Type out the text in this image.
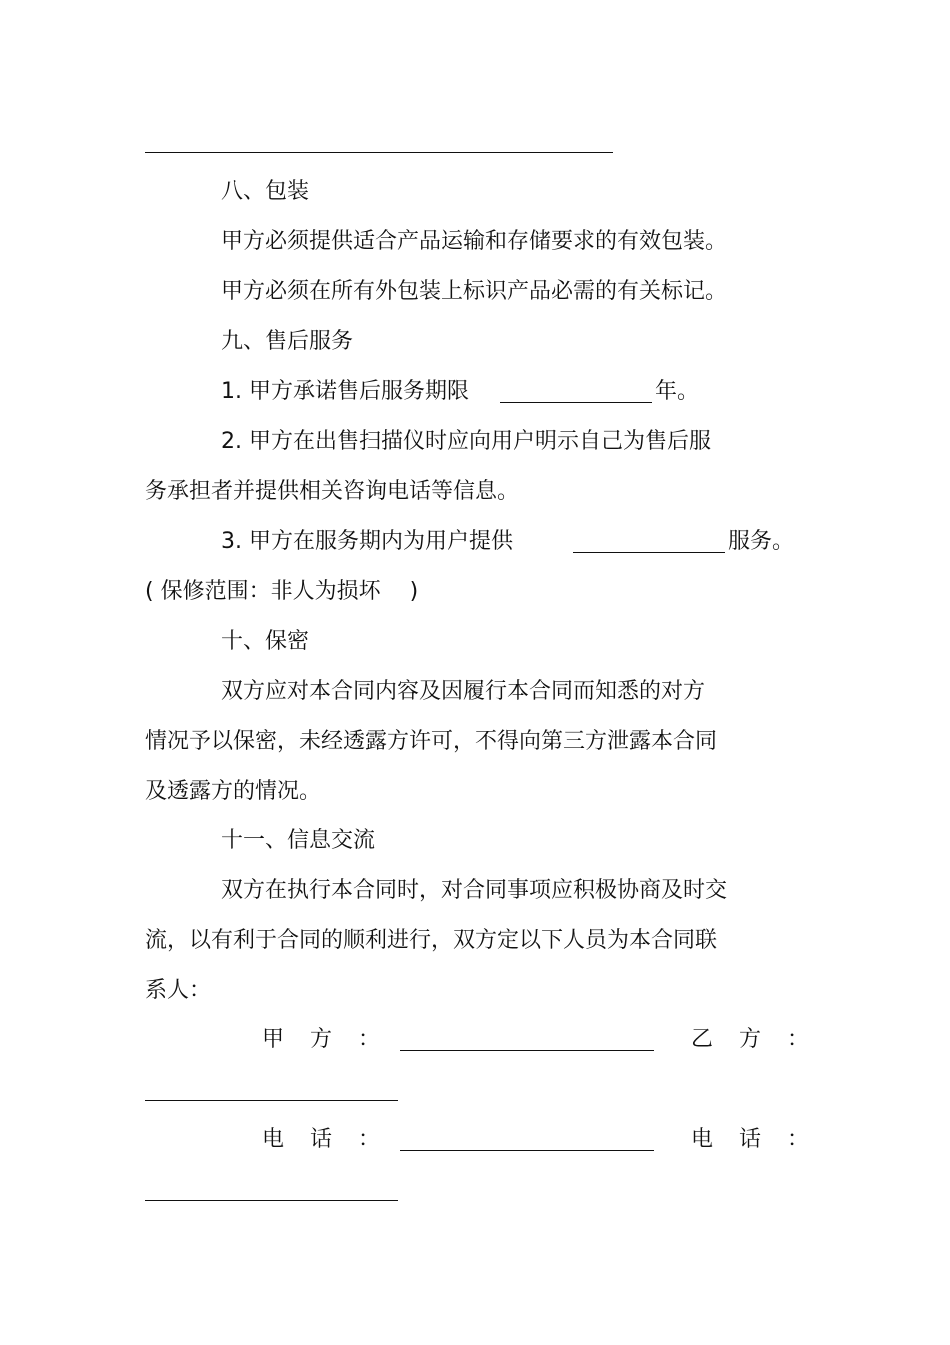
八、包装
甲方必须提供适合产品运输和存储要求的有效包装。
甲方必须在所有外包装上标识产品必需的有关标记。
九、售后服务
1. 甲方承诺售后服务期限	年。
2. 甲方在出售扫描仪时应向用户明示自己为售后服
务承担者并提供相关咨询电话等信息。
3. 甲方在服务期内为用户提供	服务。
( 保修范围：非人为损坏 　)
十、保密
双方应对本合同内容及因履行本合同而知悉的对方
情况予以保密，未经透露方许可，不得向第三方泄露本合同
及透露方的情况。
十一、信息交流
双方在执行本合同时，对合同事项应积极协商及时交
流，以有利于合同的顺利进行，双方定以下人员为本合同联
系人：
甲方：	乙方：
电话：	电话：
